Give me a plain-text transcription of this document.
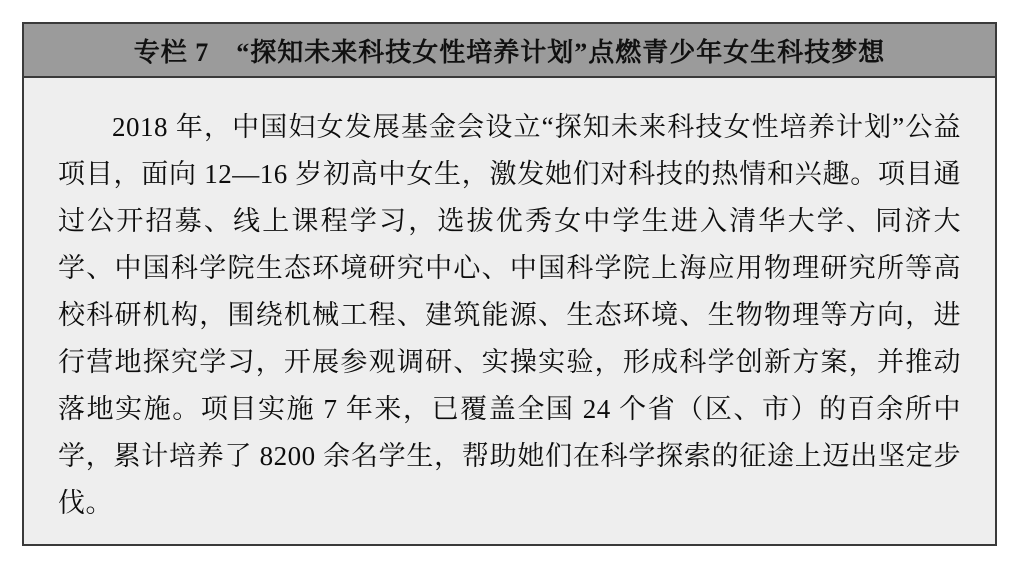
专栏 7　“探知未来科技女性培养计划”点燃青少年女生科技梦想

2018 年，中国妇女发展基金会设立“探知未来科技女性培养计划”公益项目，面向 12—16 岁初高中女生，激发她们对科技的热情和兴趣。项目通过公开招募、线上课程学习，选拔优秀女中学生进入清华大学、同济大学、中国科学院生态环境研究中心、中国科学院上海应用物理研究所等高校科研机构，围绕机械工程、建筑能源、生态环境、生物物理等方向，进行营地探究学习，开展参观调研、实操实验，形成科学创新方案，并推动落地实施。项目实施 7 年来，已覆盖全国 24 个省（区、市）的百余所中学，累计培养了 8200 余名学生，帮助她们在科学探索的征途上迈出坚定步伐。
